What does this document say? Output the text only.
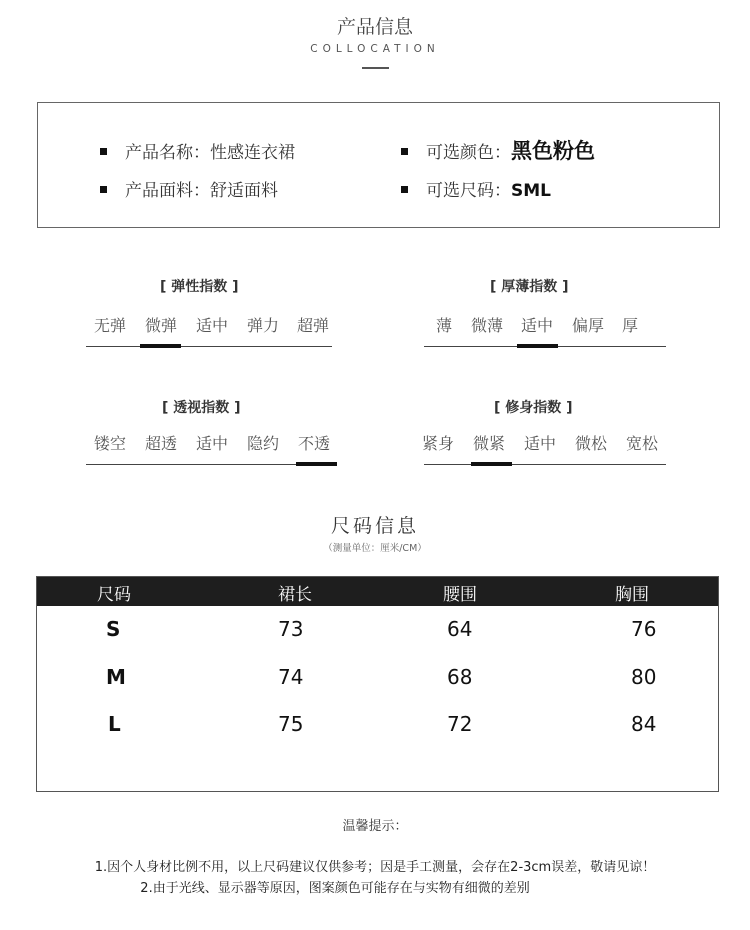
产品信息
COLLOCATION
产品名称：性感连衣裙
产品面料：舒适面料
可选颜色：黑色粉色
可选尺码：SML
[ 弹性指数 ]
无弹 微弹 适中 弹力 超弹
[ 厚薄指数 ]
薄 微薄 适中 偏厚 厚
[ 透视指数 ]
镂空 超透 适中 隐约 不透
[ 修身指数 ]
紧身 微紧 适中 微松 宽松
尺码信息
（测量单位：厘米/CM）
尺码	裙长	腰围	胸围
S	73	64	76
M	74	68	80
L	75	72	84
温馨提示：
1.因个人身材比例不用，以上尺码建议仅供参考；因是手工测量，会存在2-3cm误差，敬请见谅！
2.由于光线、显示器等原因，图案颜色可能存在与实物有细微的差别
